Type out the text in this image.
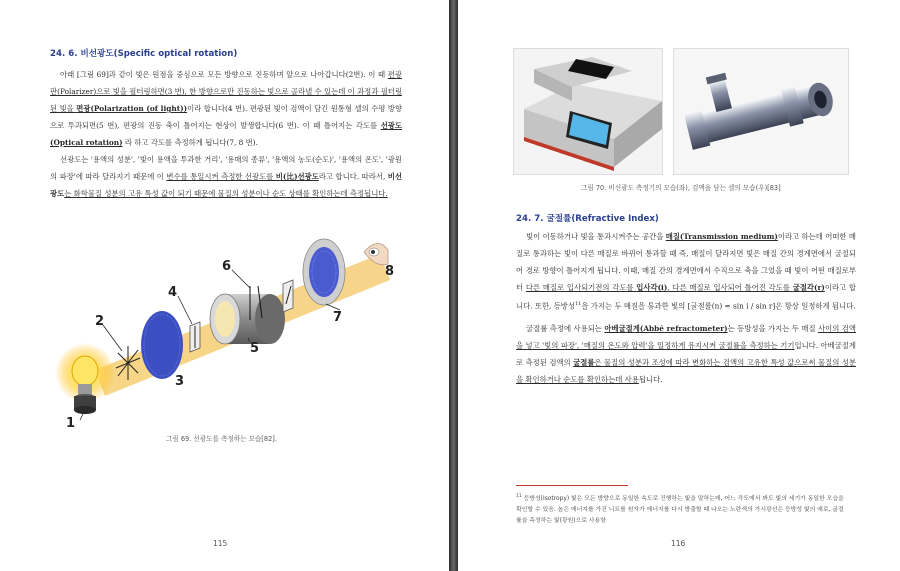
24. 6. 비선광도(Specific optical rotation)

아래 [그림 69]과 같이 빛은 원점을 중심으로 모든 방향으로 진동하며 앞으로 나아갑니다(2번). 이 때 편광판(Polarizer)으로 빛을 필터링하면(3 번), 한 방향으로만 진동하는 빛으로 골라낼 수 있는데 이 과정과 필터링된 빛을 편광(Polarization (of light))이라 합니다(4 번). 편광된 빛이 검액이 담긴 원통형 셀의 수평 방향으로 투과되면(5 번), 편광의 진동 축이 틀어지는 현상이 발생합니다(6 번). 이 때 틀어지는 각도를 선광도(Optical rotation) 라 하고 각도를 측정하게 됩니다(7, 8 번).

선광도는 '용액의 성분', '빛이 용액을 투과한 거리', '용매의 종류', '용액의 농도(순도)', '용액의 온도', '광원의 파장'에 따라 달라지기 때문에 이 변수를 통일시켜 측정한 선광도를 비(比)선광도라고 합니다. 따라서, 비선광도는 화학물질 성분의 고유 특성 값이 되기 때문에 물질의 성분이나 순도 상태를 확인하는데 측정됩니다.

1
2
3
4
5
6
7
8
그림 69. 선광도를 측정하는 모습[82].
115
그림 70. 비선광도 측정기의 모습(좌), 검액을 담는 셀의 모습(우)[83]
24. 7. 굴절률(Refractive Index)

빛이 이동하거나 빛을 통과시켜주는 공간을 매질(Transmission medium)이라고 하는데 어떠한 매질로 통과하는 빛이 다른 매질로 바뀌어 통과할 때 즉, 매질이 달라지면 빛은 매질 간의 경계면에서 굴절되어 경로 방향이 틀어지게 됩니다. 이때, 매질 간의 경계면에서 수직으로 축을 그었을 때 빛이 어떤 매질로부터 다른 매질로 입사되기전의 각도를 입사각(i), 다른 매질로 입사되어 틀어진 각도를 굴절각(r)이라고 합니다. 또한, 등방성$^{11}$을 가지는 두 매질을 통과한 빛의 [굴절률(n) = sin i / sin r]은 항상 일정하게 됩니다.

굴절률 측정에 사용되는 아베굴절계(Abbé refractometer)는 등방성을 가지는 두 매질 사이의 검액을 넣고 '빛의 파장', '매질의 온도와 압력'을 일정하게 유지시켜 굴절률을 측정하는 기기입니다. 아베굴절계로 측정된 검액의 굴절률은 물질의 성분과 조성에 따라 변화하는 검액의 고유한 특성 값으로써 물질의 성분을 확인하거나 순도를 확인하는데 사용됩니다.

$^{11}$ 등방성(Isotropy) 빛은 모든 방향으로 동일한 속도로 진행하는 빛을 말하는데, 어느 각도에서 봐도 빛의 세기가 동일한 모습을 확인할 수 있음. 높은 에너지를 가진 니트를 원자가 에너지를 다시 방출할 때 나오는 노란색의 가시광선은 등방성 빛의 예로, 굴절률을 측정하는 빛(광원)으로 사용함
116
